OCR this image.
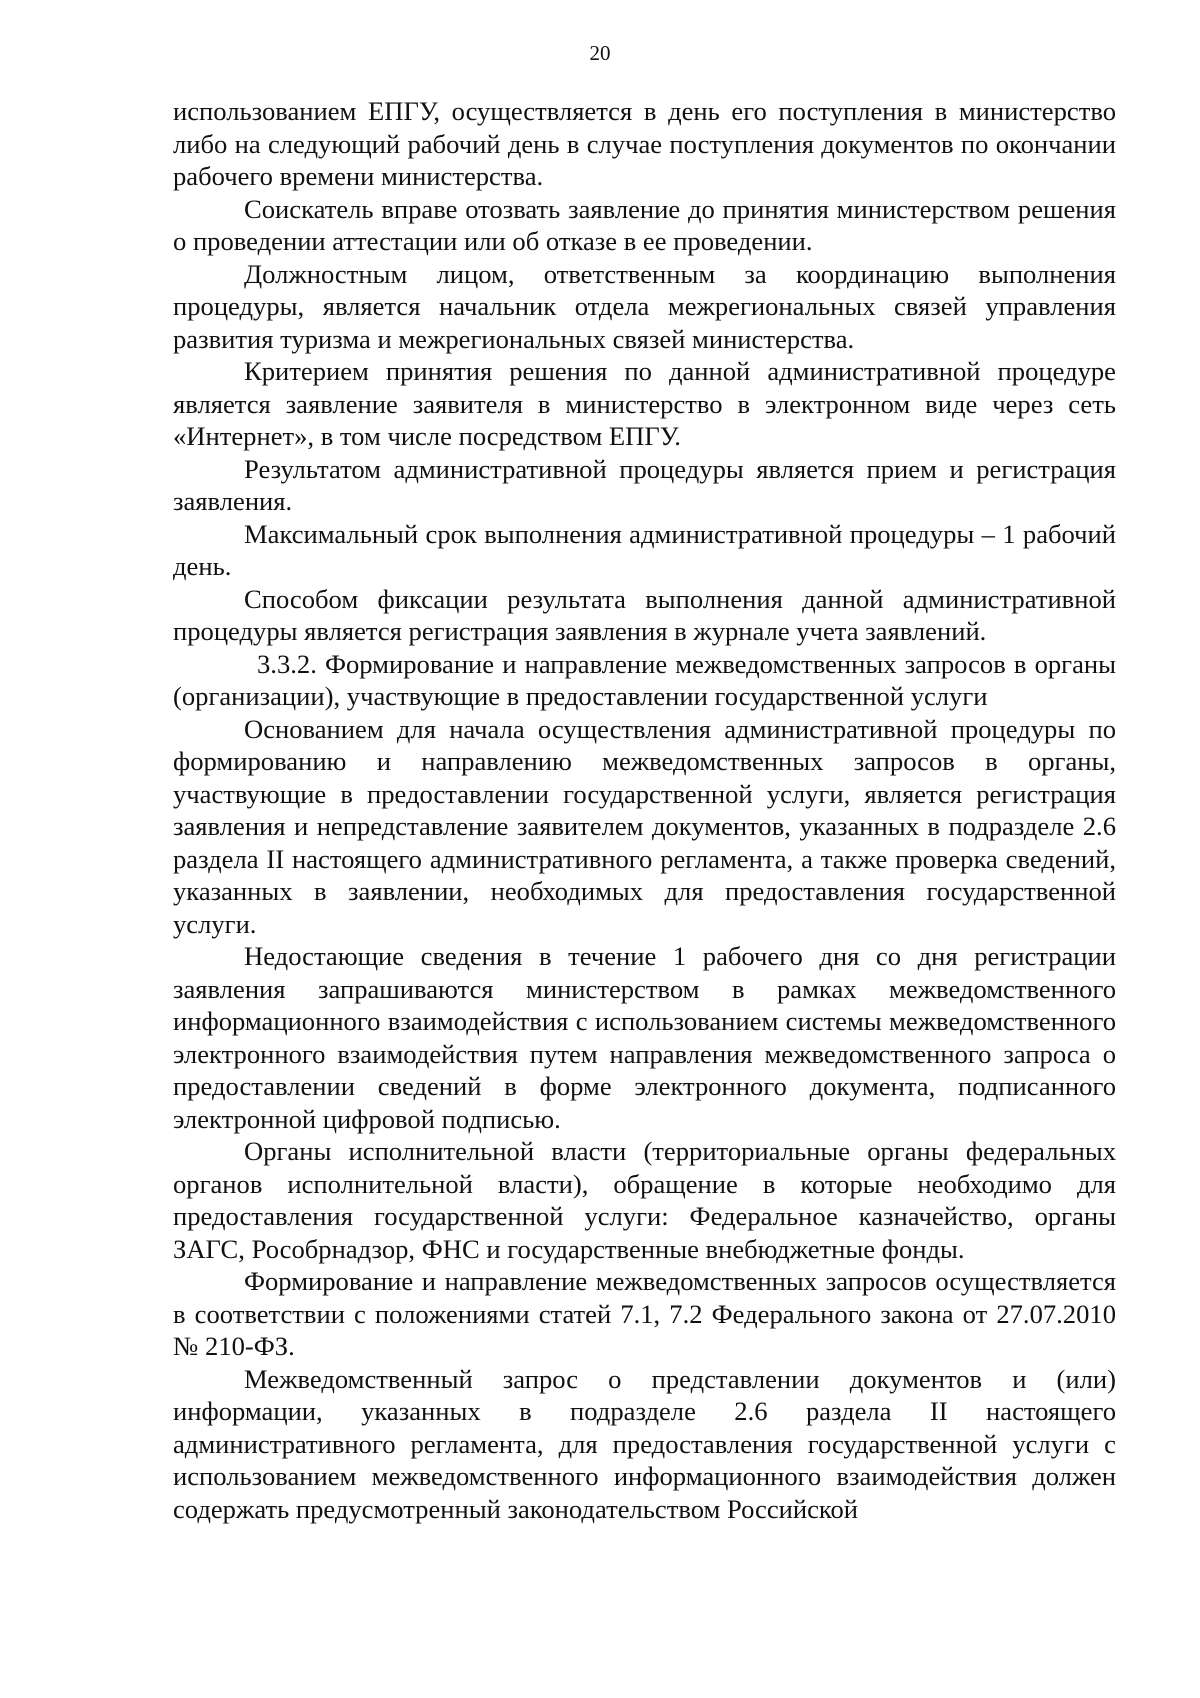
20

использованием ЕПГУ, осуществляется в день его поступления в министерство либо на следующий рабочий день в случае поступления документов по окончании рабочего времени министерства.

Соискатель вправе отозвать заявление до принятия министерством решения о проведении аттестации или об отказе в ее проведении.

Должностным лицом, ответственным за координацию выполнения процедуры, является начальник отдела межрегиональных связей управления развития туризма и межрегиональных связей министерства.

Критерием принятия решения по данной административной процедуре является заявление заявителя в министерство в электронном виде через сеть «Интернет», в том числе посредством ЕПГУ.

Результатом административной процедуры является прием и регистрация заявления.

Максимальный срок выполнения административной процедуры – 1 рабочий день.

Способом фиксации результата выполнения данной административной процедуры является регистрация заявления в журнале учета заявлений.

3.3.2. Формирование и направление межведомственных запросов в органы (организации), участвующие в предоставлении государственной услуги

Основанием для начала осуществления административной процедуры по формированию и направлению межведомственных запросов в органы, участвующие в предоставлении государственной услуги, является регистрация заявления и непредставление заявителем документов, указанных в подразделе 2.6 раздела II настоящего административного регламента, а также проверка сведений, указанных в заявлении, необходимых для предоставления государственной услуги.

Недостающие сведения в течение 1 рабочего дня со дня регистрации заявления запрашиваются министерством в рамках межведомственного информационного взаимодействия с использованием системы межведомственного электронного взаимодействия путем направления межведомственного запроса о предоставлении сведений в форме электронного документа, подписанного электронной цифровой подписью.

Органы исполнительной власти (территориальные органы федеральных органов исполнительной власти), обращение в которые необходимо для предоставления государственной услуги: Федеральное казначейство, органы ЗАГС, Рособрнадзор, ФНС и государственные внебюджетные фонды.

Формирование и направление межведомственных запросов осуществляется в соответствии с положениями статей 7.1, 7.2 Федерального закона от 27.07.2010 № 210-ФЗ.

Межведомственный запрос о представлении документов и (или) информации, указанных в подразделе 2.6 раздела II настоящего административного регламента, для предоставления государственной услуги с использованием межведомственного информационного взаимодействия должен содержать предусмотренный законодательством Российской
